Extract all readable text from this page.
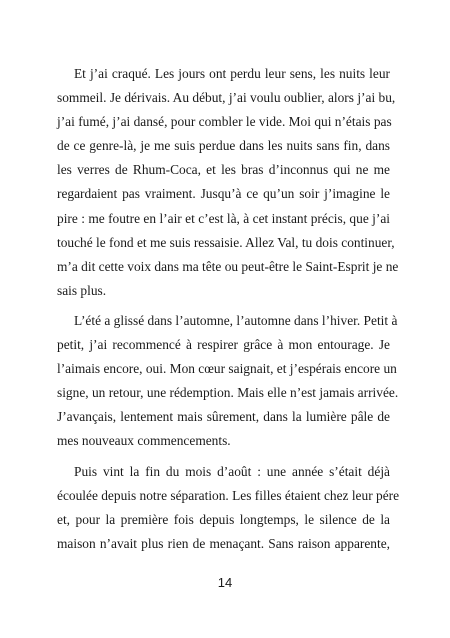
Et j’ai craqué. Les jours ont perdu leur sens, les nuits leur
sommeil. Je dérivais. Au début, j’ai voulu oublier, alors j’ai bu,
j’ai fumé, j’ai dansé, pour combler le vide. Moi qui n’étais pas
de ce genre-là, je me suis perdue dans les nuits sans fin, dans
les verres de Rhum-Coca, et les bras d’inconnus qui ne me
regardaient pas vraiment. Jusqu’à ce qu’un soir j’imagine le
pire : me foutre en l’air et c’est là, à cet instant précis, que j’ai
touché le fond et me suis ressaisie. Allez Val, tu dois continuer,
m’a dit cette voix dans ma tête ou peut-être le Saint-Esprit je ne
sais plus.

L’été a glissé dans l’automne, l’automne dans l’hiver. Petit à
petit, j’ai recommencé à respirer grâce à mon entourage. Je
l’aimais encore, oui. Mon cœur saignait, et j’espérais encore un
signe, un retour, une rédemption. Mais elle n’est jamais arrivée.
J’avançais, lentement mais sûrement, dans la lumière pâle de
mes nouveaux commencements.

Puis vint la fin du mois d’août : une année s’était déjà
écoulée depuis notre séparation. Les filles étaient chez leur pére
et, pour la première fois depuis longtemps, le silence de la
maison n’avait plus rien de menaçant. Sans raison apparente,

14
